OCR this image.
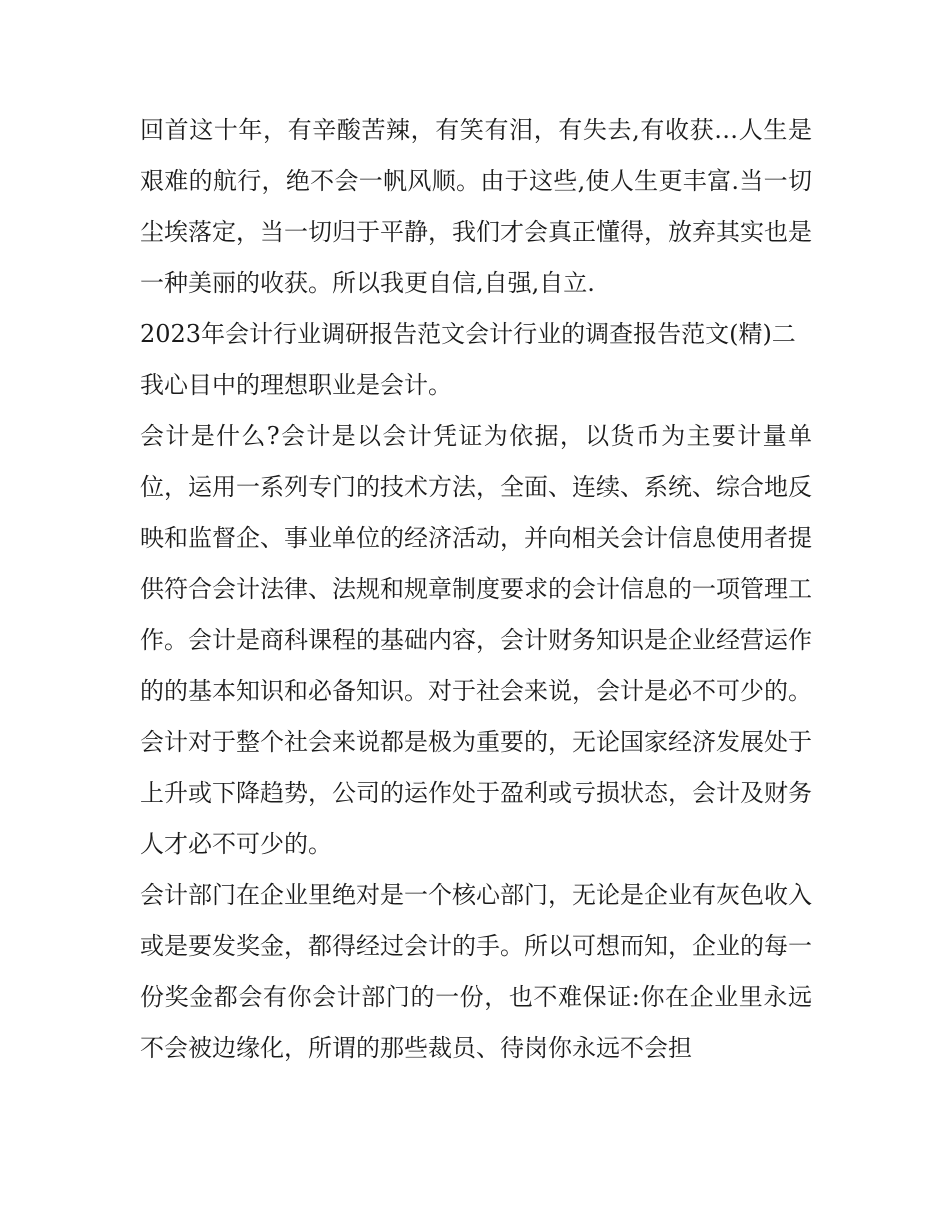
回首这十年，有辛酸苦辣，有笑有泪，有失去,有收获…人生是艰难的航行，绝不会一帆风顺。由于这些,使人生更丰富.当一切尘埃落定，当一切归于平静，我们才会真正懂得，放弃其实也是一种美丽的收获。所以我更自信,自强,自立.

2023年会计行业调研报告范文会计行业的调查报告范文(精)二

我心目中的理想职业是会计。

会计是什么?会计是以会计凭证为依据，以货币为主要计量单位，运用一系列专门的技术方法，全面、连续、系统、综合地反映和监督企、事业单位的经济活动，并向相关会计信息使用者提供符合会计法律、法规和规章制度要求的会计信息的一项管理工作。会计是商科课程的基础内容，会计财务知识是企业经营运作的的基本知识和必备知识。对于社会来说，会计是必不可少的。

会计对于整个社会来说都是极为重要的，无论国家经济发展处于上升或下降趋势，公司的运作处于盈利或亏损状态，会计及财务人才必不可少的。

会计部门在企业里绝对是一个核心部门，无论是企业有灰色收入或是要发奖金，都得经过会计的手。所以可想而知，企业的每一份奖金都会有你会计部门的一份，也不难保证:你在企业里永远不会被边缘化，所谓的那些裁员、待岗你永远不会担
